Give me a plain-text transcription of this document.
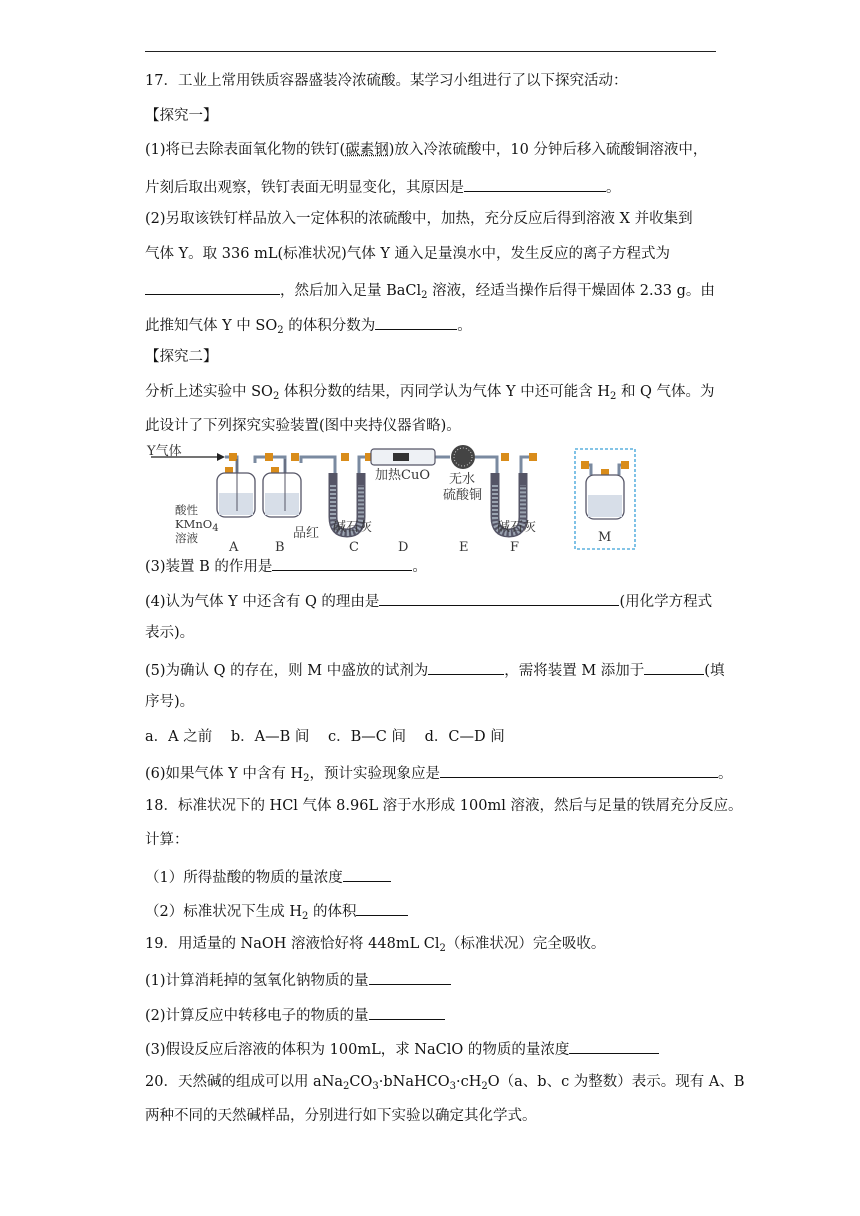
17．工业上常用铁质容器盛装冷浓硫酸。某学习小组进行了以下探究活动：
【探究一】
(1)将已去除表面氧化物的铁钉(碳素钢)放入冷浓硫酸中，10 分钟后移入硫酸铜溶液中，
片刻后取出观察，铁钉表面无明显变化，其原因是	。
(2)另取该铁钉样品放入一定体积的浓硫酸中，加热，充分反应后得到溶液 X 并收集到
气体 Y。取 336 mL(标准状况)气体 Y 通入足量溴水中，发生反应的离子方程式为
，然后加入足量 BaCl$_2$ 溶液，经适当操作后得干燥固体 2.33 g。由
此推知气体 Y 中 $SO_2$ 的体积分数为	。
【探究二】
分析上述实验中 $SO_2$ 体积分数的结果，丙同学认为气体 Y 中还可能含 $H_2$ 和 Q 气体。为
此设计了下列探究实验装置(图中夹持仪器省略)。
Y气体
酸性
KMnO$_4$
溶液	品红 碱石灰
加热CuO 无水
硫酸铜
碱石灰
A	B	C	D	E	F
M
(3)装置 B 的作用是	。
(4)认为气体 Y 中还含有 Q 的理由是	(用化学方程式
表示)。
(5)为确认 Q 的存在，则 M 中盛放的试剂为	，需将装置 M 添加于	(填
序号)。
a．A 之前 b．A—B 间 c．B—C 间 d．C—D 间
(6)如果气体 Y 中含有 $H_2$，预计实验现象应是	。
18．标准状况下的 HCl 气体 8.96L 溶于水形成 100ml 溶液，然后与足量的铁屑充分反应。
计算：
（1）所得盐酸的物质的量浓度
（2）标准状况下生成 $H_2$ 的体积
19．用适量的 NaOH 溶液恰好将 448mL $Cl_2$（标准状况）完全吸收。
(1)计算消耗掉的氢氧化钠物质的量
(2)计算反应中转移电子的物质的量
(3)假设反应后溶液的体积为 100mL，求 NaClO 的物质的量浓度
20．天然碱的组成可以用 $aNa_2CO_3\cdot bNaHCO_3\cdot cH_2O(a$、b、c 为整数）表示。现有 A、B
两种不同的天然碱样品，分别进行如下实验以确定其化学式。
